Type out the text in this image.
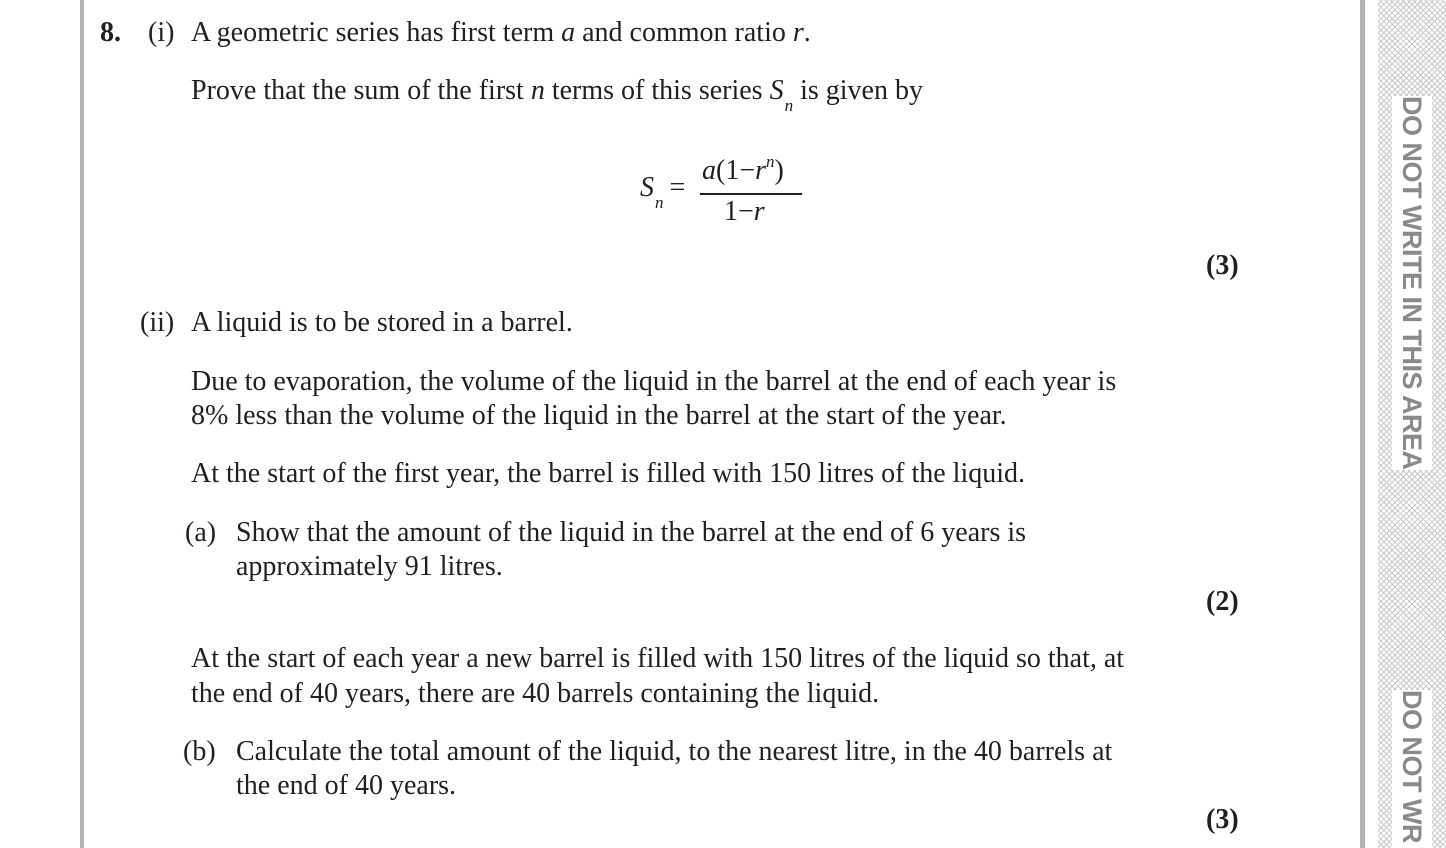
DO NOT WRITE IN THIS AREA
DO NOT WR
8. (i) A geometric series has first term a and common ratio r.
Prove that the sum of the first n terms of this series $S_n$ is given by
$S_n$ =
$a(1-r^n)$
1−r
(3)
(ii) A liquid is to be stored in a barrel.
Due to evaporation, the volume of the liquid in the barrel at the end of each year is
8% less than the volume of the liquid in the barrel at the start of the year.
At the start of the first year, the barrel is filled with 150 litres of the liquid.
(a) Show that the amount of the liquid in the barrel at the end of 6 years is
approximately 91 litres.
(2)
At the start of each year a new barrel is filled with 150 litres of the liquid so that, at
the end of 40 years, there are 40 barrels containing the liquid.
(b) Calculate the total amount of the liquid, to the nearest litre, in the 40 barrels at
the end of 40 years.
(3)
